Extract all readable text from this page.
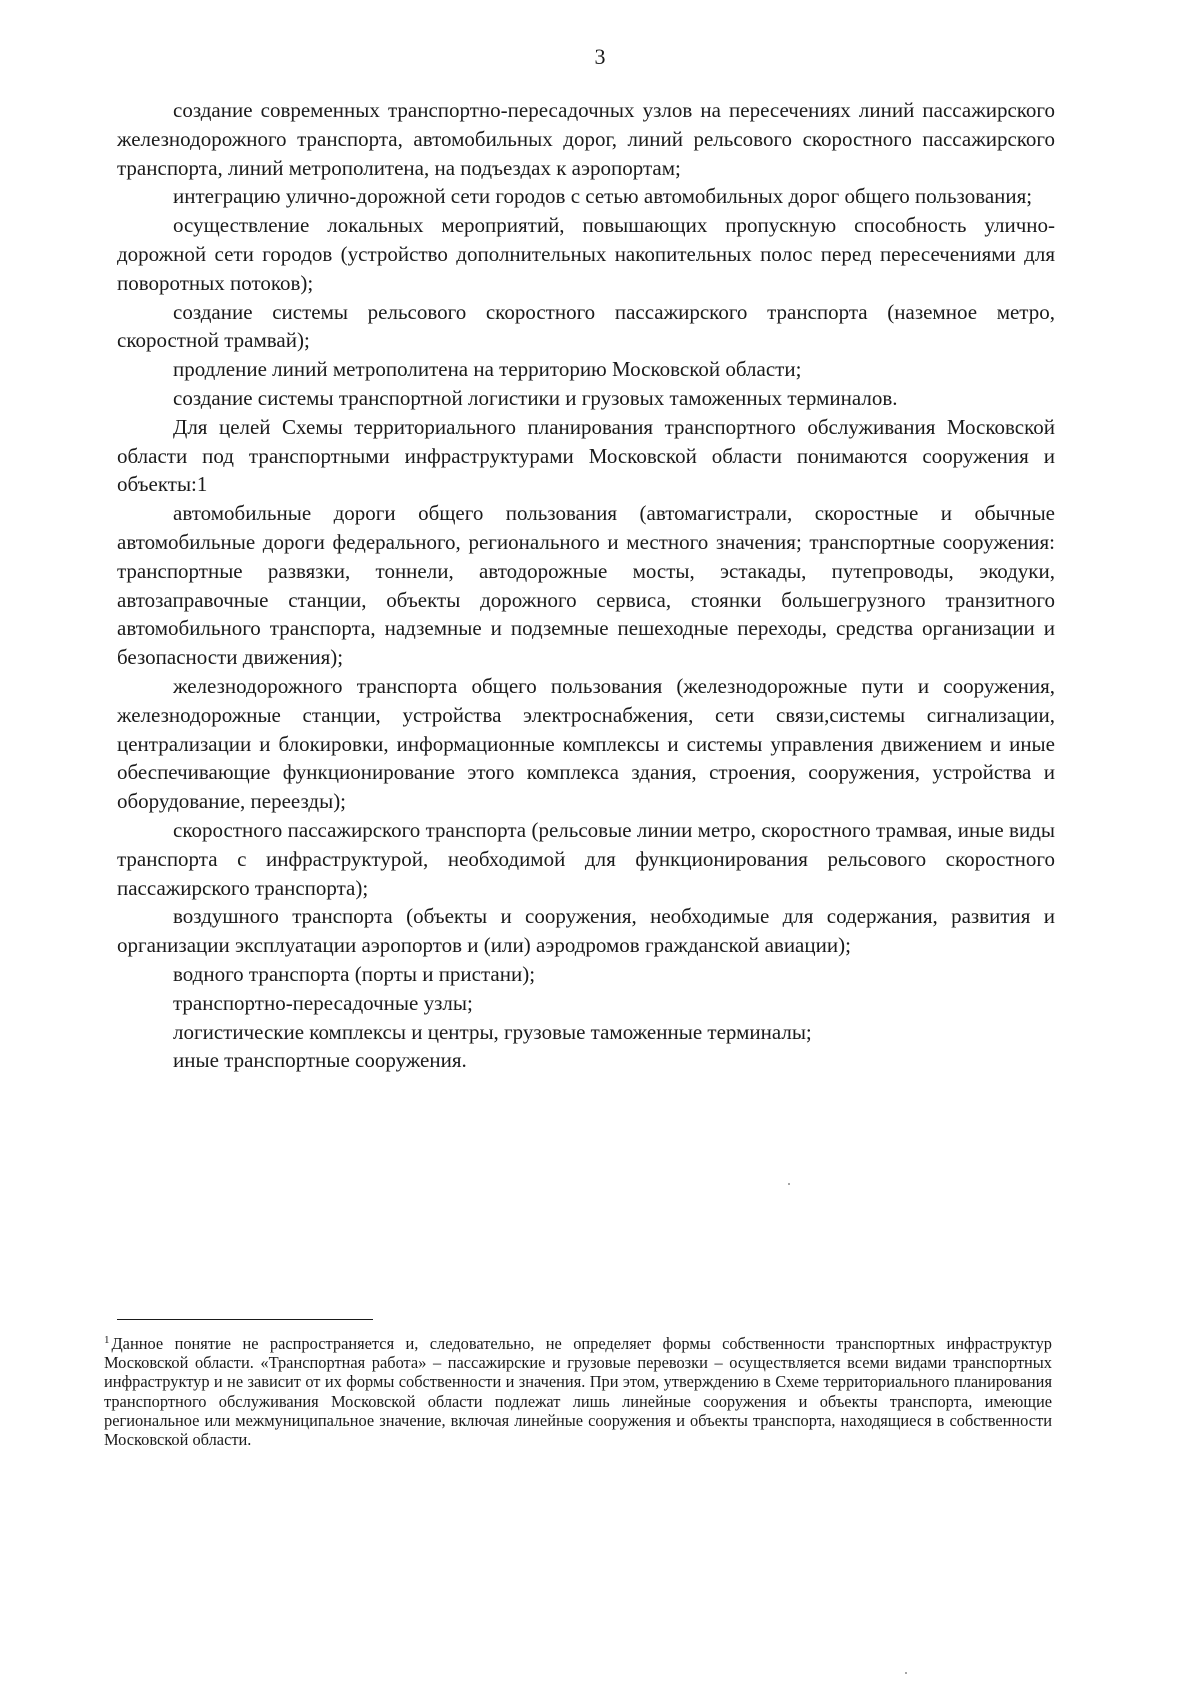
3

создание современных транспортно-пересадочных узлов на пересечениях линий пассажирского железнодорожного транспорта, автомобильных дорог, линий рельсового скоростного пассажирского транспорта, линий метрополитена, на подъездах к аэропортам;

интеграцию улично-дорожной сети городов с сетью автомобильных дорог общего пользования;

осуществление локальных мероприятий, повышающих пропускную способность улично-дорожной сети городов (устройство дополнительных накопительных полос перед пересечениями для поворотных потоков);

создание системы рельсового скоростного пассажирского транспорта (наземное метро, скоростной трамвай);

продление линий метрополитена на территорию Московской области;

создание системы транспортной логистики и грузовых таможенных терминалов.

Для целей Схемы территориального планирования транспортного обслуживания Московской области под транспортными инфраструктурами Московской области понимаются сооружения и объекты:1

автомобильные дороги общего пользования (автомагистрали, скоростные и обычные автомобильные дороги федерального, регионального и местного значения; транспортные сооружения: транспортные развязки, тоннели, автодорожные мосты, эстакады, путепроводы, экодуки, автозаправочные станции, объекты дорожного сервиса, стоянки большегрузного транзитного автомобильного транспорта, надземные и подземные пешеходные переходы, средства организации и безопасности движения);

железнодорожного транспорта общего пользования (железнодорожные пути и сооружения, железнодорожные станции, устройства электроснабжения, сети связи,системы сигнализации, централизации и блокировки, информационные комплексы и системы управления движением и иные обеспечивающие функционирование этого комплекса здания, строения, сооружения, устройства и оборудование, переезды);

скоростного пассажирского транспорта (рельсовые линии метро, скоростного трамвая, иные виды транспорта с инфраструктурой, необходимой для функционирования рельсового скоростного пассажирского транспорта);

воздушного транспорта (объекты и сооружения, необходимые для содержания, развития и организации эксплуатации аэропортов и (или) аэродромов гражданской авиации);

водного транспорта (порты и пристани);

транспортно-пересадочные узлы;

логистические комплексы и центры, грузовые таможенные терминалы;

иные транспортные сооружения.

$^1$ Данное понятие не распространяется и, следовательно, не определяет формы собственности транспортных инфраструктур Московской области. «Транспортная работа» – пассажирские и грузовые перевозки – осуществляется всеми видами транспортных инфраструктур и не зависит от их формы собственности и значения. При этом, утверждению в Схеме территориального планирования транспортного обслуживания Московской области подлежат лишь линейные сооружения и объекты транспорта, имеющие региональное или межмуниципальное значение, включая линейные сооружения и объекты транспорта, находящиеся в собственности Московской области.
